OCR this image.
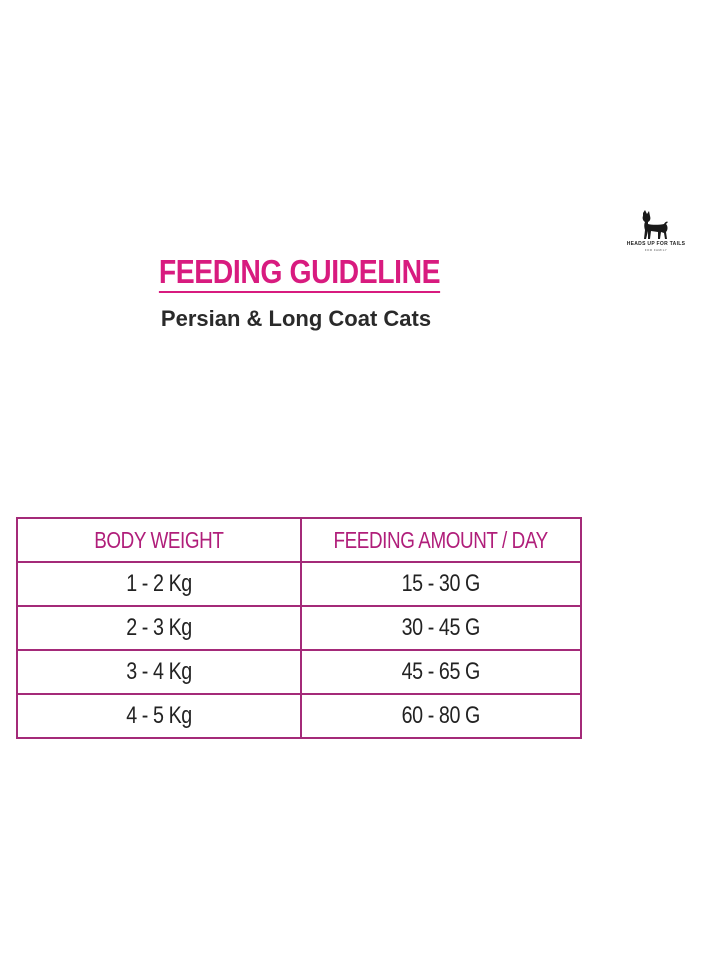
HEADS UP FOR TAILS
FOR FAMILY
FEEDING GUIDELINE
Persian & Long Coat Cats
BODY WEIGHT	FEEDING AMOUNT / DAY
1 - 2 Kg	15 - 30 G
2 - 3 Kg	30 - 45 G
3 - 4 Kg	45 - 65 G
4 - 5 Kg	60 - 80 G
